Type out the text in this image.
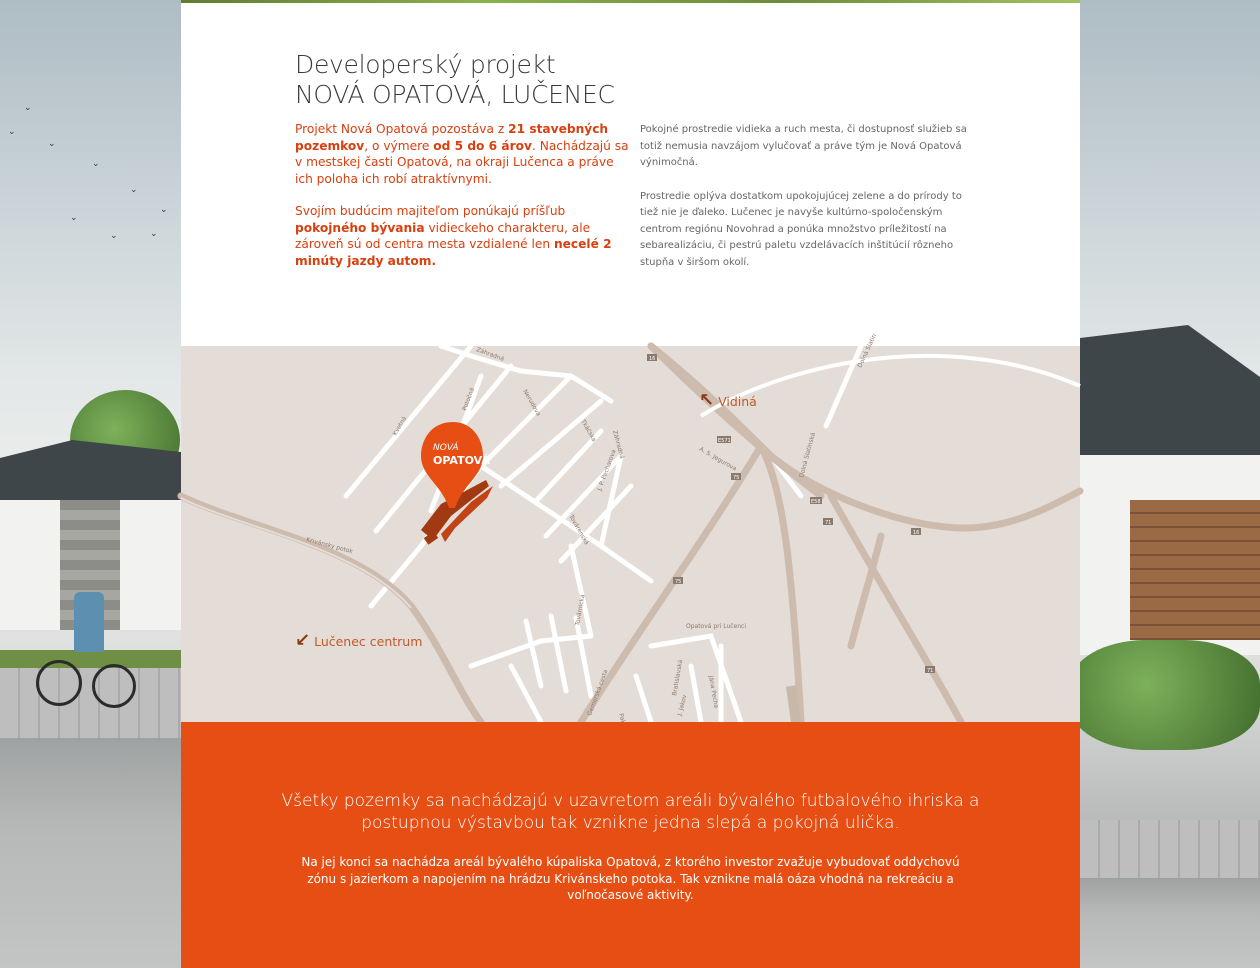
⌄
⌄
⌄
⌄
⌄
⌄
⌄
⌄
⌄
Developerský projekt
NOVÁ OPATOVÁ, LUČENEC

Projekt Nová Opatová pozostáva z 21 stavebných pozemkov, o výmere od 5 do 6 árov. Nachádzajú sa v mestskej časti Opatová, na okraji Lučenca a práve ich poloha ich robí atraktívnymi.

Svojím budúcim majiteľom ponúkajú príšľub pokojného bývania vidieckeho charakteru, ale zároveň sú od centra mesta vzdialené len necelé 2 minúty jazdy autom.

Pokojné prostredie vidieka a ruch mesta, či dostupnosť služieb sa totiž nemusia navzájom vylučovať a práve tým je Nová Opatová výnimočná.

Prostredie oplýva dostatkom upokojujúcej zelene a do prírody to tiež nie je ďaleko. Lučenec je navyše kultúrno-spoločenským centrom regiónu Novohrad a ponúka množstvo príležitostí na sebarealizáciu, či pestrú paletu vzdelávacích inštitúcií rôzneho stupňa v širšom okolí.

NOVÁ
OPATOVÁ
Kvetná
Potočná
Záhradná
Nerudova
Tkáčska Záhradná
J. P. Pecharova
Továrenská
Továrnická
Krivánsky potok
A. S. Jegurova	Dolná Slatinská
Dolná Slatin
Opatová pri Lučenci
Gemerská cesta	Jána Pecha
J. Jakov
Bratislavská
16
E571
75
E58
71
16
75
71
↖ Vidiná
↙ Lučenec centrum
Všetky pozemky sa nachádzajú v uzavretom areáli bývalého futbalového ihriska a postupnou výstavbou tak vznikne jedna slepá a pokojná ulička.
Na jej konci sa nachádza areál bývalého kúpaliska Opatová, z ktorého investor zvažuje vybudovať oddychovú zónu s jazierkom a napojením na hrádzu Krivánskeho potoka. Tak vznikne malá oáza vhodná na rekreáciu a voľnočasové aktivity.
